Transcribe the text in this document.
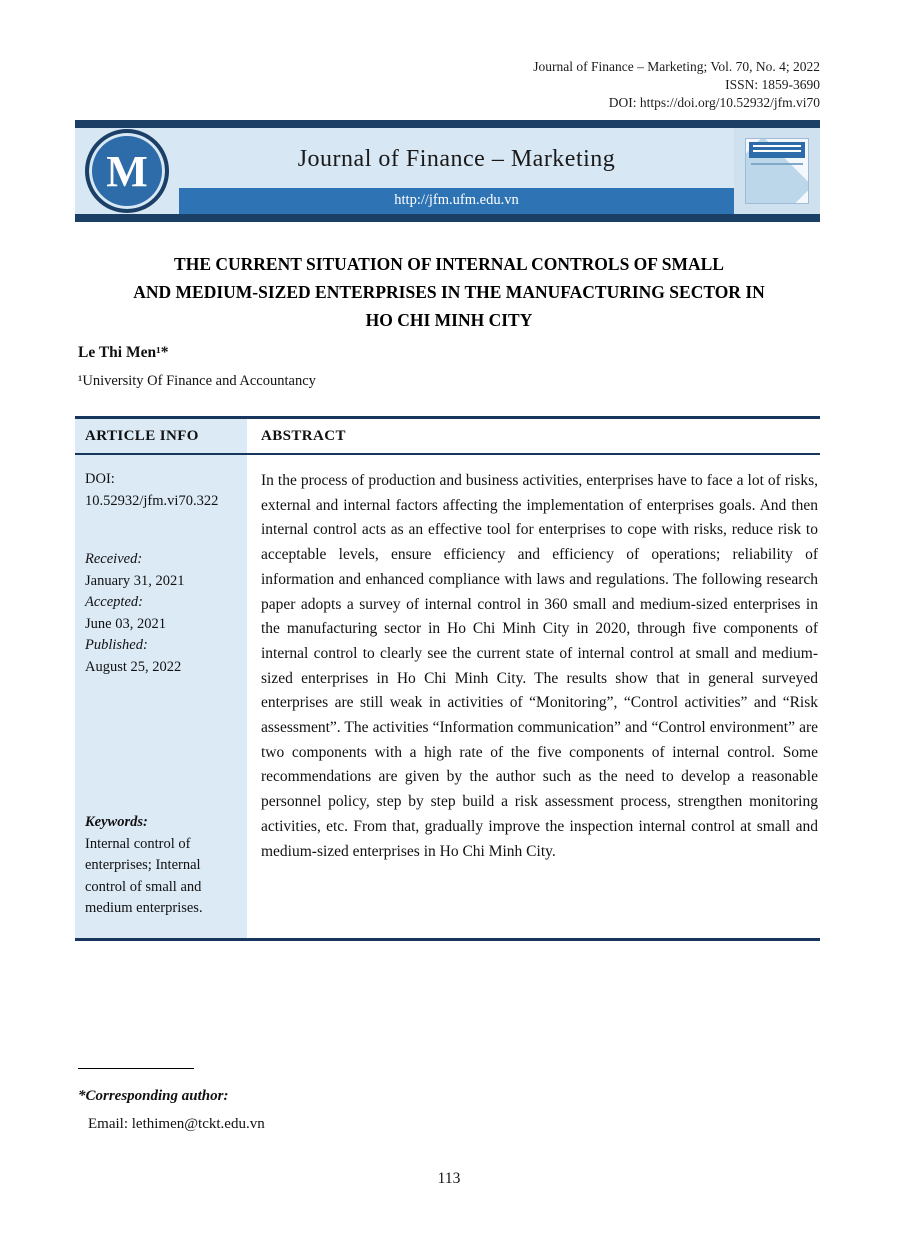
Journal of Finance – Marketing; Vol. 70, No. 4; 2022
ISSN: 1859-3690
DOI: https://doi.org/10.52932/jfm.vi70
M	Journal of Finance – Marketing
http://jfm.ufm.edu.vn
THE CURRENT SITUATION OF INTERNAL CONTROLS OF SMALL
AND MEDIUM-SIZED ENTERPRISES IN THE MANUFACTURING SECTOR IN
HO CHI MINH CITY
Le Thi Men¹*
¹University Of Finance and Accountancy
ARTICLE INFO	ABSTRACT
DOI:
10.52932/jfm.vi70.322
Received:
January 31, 2021
Accepted:
June 03, 2021
Published:
August 25, 2022
Keywords:
Internal control of enterprises; Internal control of small and medium enterprises.
In the process of production and business activities, enterprises have to face a lot of risks, external and internal factors affecting the implementation of enterprises goals. And then internal control acts as an effective tool for enterprises to cope with risks, reduce risk to acceptable levels, ensure efficiency and efficiency of operations; reliability of information and enhanced compliance with laws and regulations. The following research paper adopts a survey of internal control in 360 small and medium-sized enterprises in the manufacturing sector in Ho Chi Minh City in 2020, through five components of internal control to clearly see the current state of internal control at small and medium-sized enterprises in Ho Chi Minh City. The results show that in general surveyed enterprises are still weak in activities of “Monitoring”, “Control activities” and “Risk assessment”. The activities “Information communication” and “Control environment” are two components with a high rate of the five components of internal control. Some recommendations are given by the author such as the need to develop a reasonable personnel policy, step by step build a risk assessment process, strengthen monitoring activities, etc. From that, gradually improve the inspection internal control at small and medium-sized enterprises in Ho Chi Minh City.
*Corresponding author:
Email: lethimen@tckt.edu.vn
113
